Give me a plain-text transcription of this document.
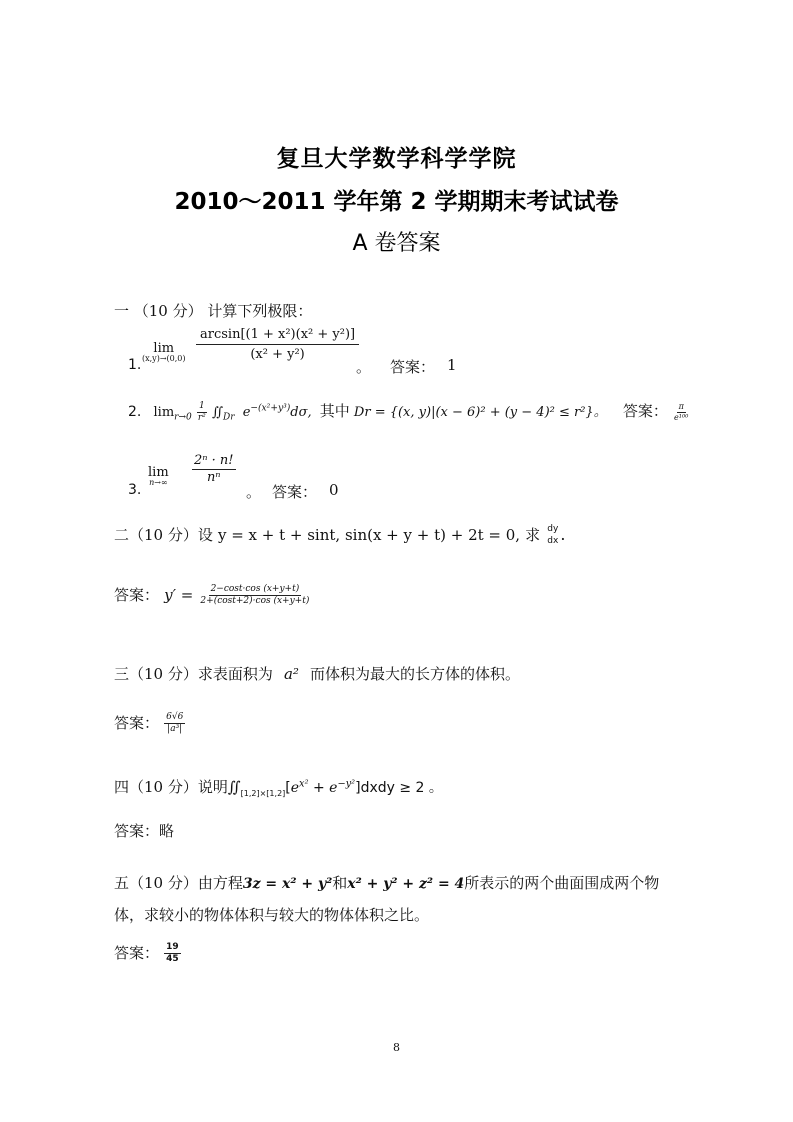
复旦大学数学科学学院
2010～2011 学年第 2 学期期末考试试卷
A 卷答案
一 （10 分） 计算下列极限：
1.
lim
$(x,y)\to(0,0) \frac{\text{arcsin[(1 + x²)(x² + y²)]}}{\text{(x² + y²)}}$
。 答案： 1
2. $\lim_{r\to 0} \frac{1}{\text{r²}}$ $∬_{Dr}$ $e^{-(x^2+y^3)}d\sigma$, 其中 Dr = {(x, y)|(x − 6)² + (y − 4)² ≤ r²}。 答案： $\frac{\pi}{\text{e¹⁰⁰}}$
3.
lim
$n\to\infty \frac{\text{2ⁿ · n!}}{\text{nⁿ}}$
。 答案： 0
二（10 分）设 y = x + t + sint, sin(x + y + t) + 2t = 0, 求 dy
dx .
答案： $y' = \frac{2-\cos t\cdot\cos (x+y+t)}{2+(\cos t+2)\cdot\cos (x+y+t)}$
三（10 分）求表面积为 a² 而体积为最大的长方体的体积。
答案： $\frac{6√6}{\text{|a³|}}$
四（10 分）说明$∬_{[1,2]\times[1,2]}[e^{x^2}$ + $e^{-y^2}]dxdy \ge 2$ 。
答案：略
五（10 分）由方程3z = x² + y²和x² + y² + z² = 4所表示的两个曲面围成两个物
体，求较小的物体体积与较大的物体体积之比。
答案： $\frac{19}{45}$
8
